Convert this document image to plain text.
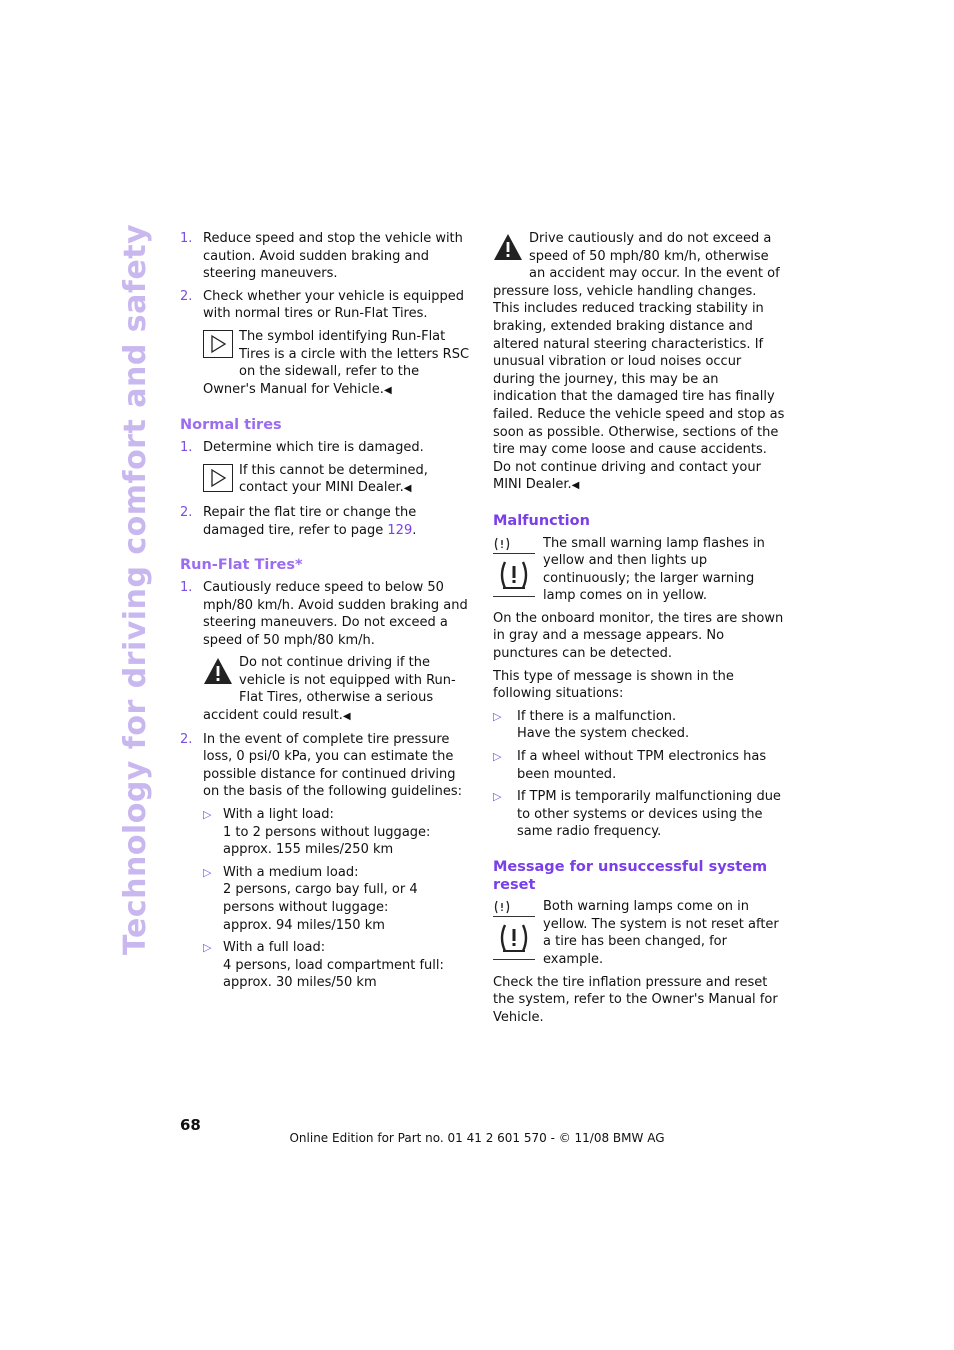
Technology for driving comfort and safety 1. Reduce speed and stop the vehicle with caution. Avoid sudden braking and steering maneuvers.
2. Check whether your vehicle is equipped with normal tires or Run-Flat Tires.
The symbol identifying Run-Flat Tires is a circle with the letters RSC on the sidewall, refer to the Owner's Manual for Vehicle.◀
Normal tires
1. Determine which tire is damaged.
If this cannot be determined, contact your MINI Dealer.◀
2. Repair the flat tire or change the damaged tire, refer to page 129.
Run-Flat Tires*
1. Cautiously reduce speed to below 50 mph/80 km/h. Avoid sudden braking and steering maneuvers. Do not exceed a speed of 50 mph/80 km/h.
Do not continue driving if the vehicle is not equipped with Run-Flat Tires, otherwise a serious accident could result.◀
2. In the event of complete tire pressure loss, 0 psi/0 kPa, you can estimate the possible distance for continued driving on the basis of the following guidelines:
▷ With a light load:
1 to 2 persons without luggage:
approx. 155 miles/250 km
▷ With a medium load:
2 persons, cargo bay full, or 4 persons without luggage:
approx. 94 miles/150 km
▷ With a full load:
4 persons, load compartment full:
approx. 30 miles/50 km
Drive cautiously and do not exceed a speed of 50 mph/80 km/h, otherwise an accident may occur. In the event of pressure loss, vehicle handling changes. This includes reduced tracking stability in braking, extended braking distance and altered natural steering characteristics. If unusual vibration or loud noises occur during the journey, this may be an indication that the damaged tire has finally failed. Reduce the vehicle speed and stop as soon as possible. Otherwise, sections of the tire may come loose and cause accidents. Do not continue driving and contact your MINI Dealer.◀
Malfunction
The small warning lamp flashes in yellow and then lights up continuously; the larger warning lamp comes on in yellow.
On the onboard monitor, the tires are shown in gray and a message appears. No punctures can be detected.
This type of message is shown in the following situations:
▷ If there is a malfunction.
Have the system checked.
▷ If a wheel without TPM electronics has been mounted.
▷ If TPM is temporarily malfunctioning due to other systems or devices using the same radio frequency.
Message for unsuccessful system reset
Both warning lamps come on in yellow. The system is not reset after a tire has been changed, for example.
Check the tire inflation pressure and reset the system, refer to the Owner's Manual for Vehicle.
68
Online Edition for Part no. 01 41 2 601 570 - © 11/08 BMW AG
